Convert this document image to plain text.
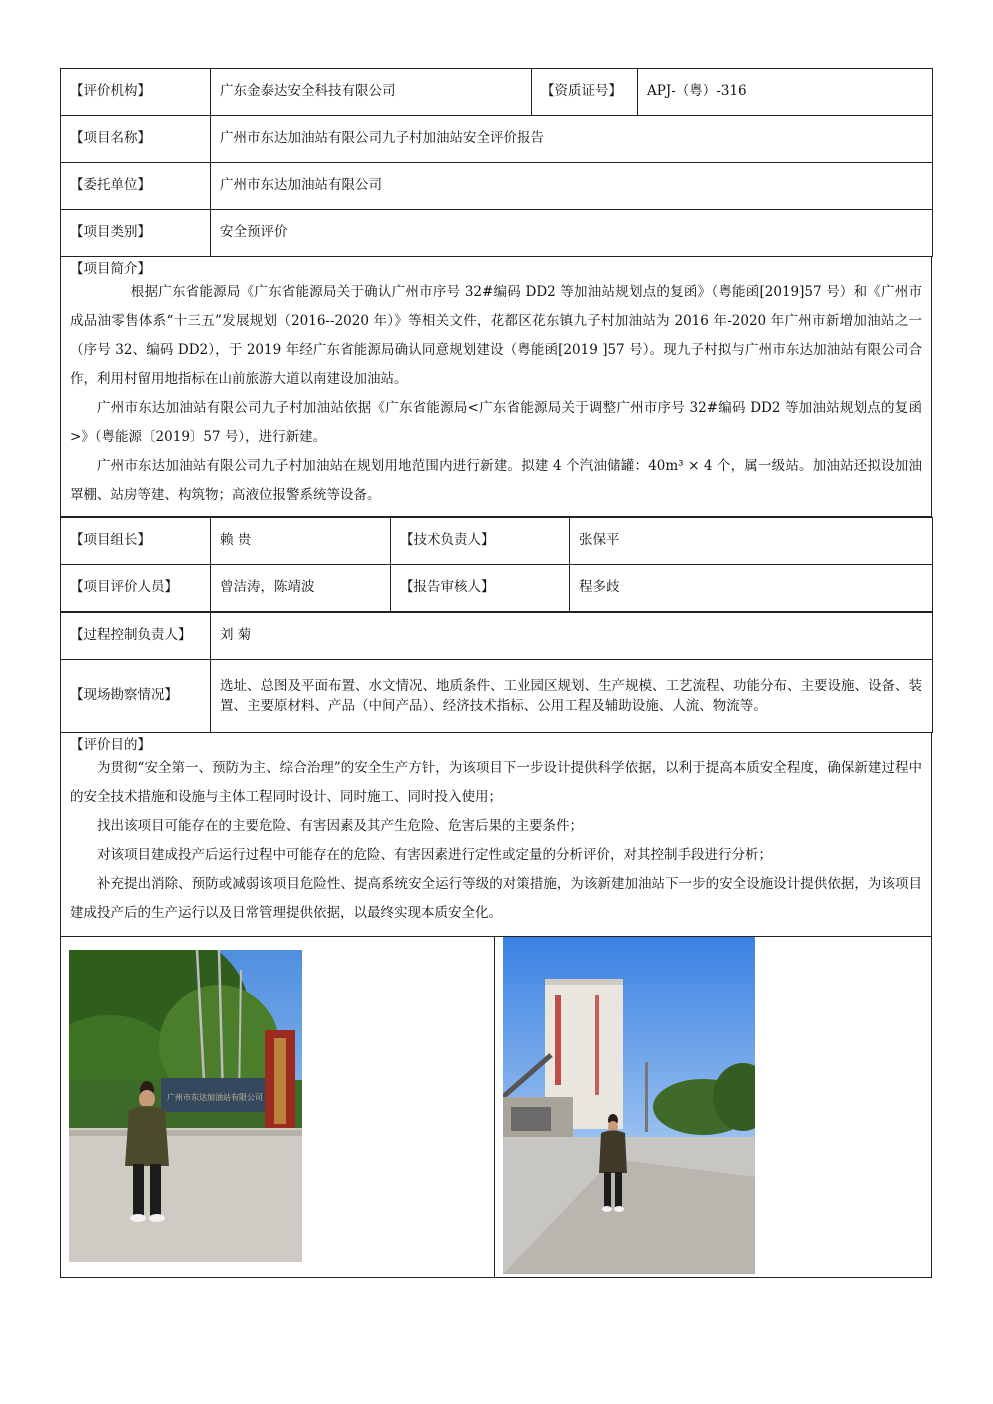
【评价机构】	广东金泰达安全科技有限公司	【资质证号】	APJ-（粤）-316
【项目名称】	广州市东达加油站有限公司九子村加油站安全评价报告		
【委托单位】	广州市东达加油站有限公司		
【项目类别】	安全预评价		
【项目简介】

根据广东省能源局《广东省能源局关于确认广州市序号 32#编码 DD2 等加油站规划点的复函》（粤能函[2019]57 号）和《广州市成品油零售体系“十三五”发展规划（2016--2020 年）》等相关文件，花都区花东镇九子村加油站为 2016 年-2020 年广州市新增加油站之一（序号 32、编码 DD2），于 2019 年经广东省能源局确认同意规划建设（粤能函[2019 ]57 号）。现九子村拟与广州市东达加油站有限公司合作，利用村留用地指标在山前旅游大道以南建设加油站。

广州市东达加油站有限公司九子村加油站依据《广东省能源局<广东省能源局关于调整广州市序号 32#编码 DD2 等加油站规划点的复函>》（粤能源〔2019〕57 号），进行新建。

广州市东达加油站有限公司九子村加油站在规划用地范围内进行新建。拟建 4 个汽油储罐：40m³ × 4 个，属一级站。加油站还拟设加油罩棚、站房等建、构筑物；高液位报警系统等设备。

【项目组长】	赖 贵	【技术负责人】	张保平
【项目评价人员】	曾洁涛，陈靖波	【报告审核人】	程多歧
【过程控制负责人】	刘 菊
【现场勘察情况】	选址、总图及平面布置、水文情况、地质条件、工业园区规划、生产规模、工艺流程、功能分布、主要设施、设备、装置、主要原材料、产品（中间产品）、经济技术指标、公用工程及辅助设施、人流、物流等。
【评价目的】

为贯彻“安全第一、预防为主、综合治理”的安全生产方针，为该项目下一步设计提供科学依据，以利于提高本质安全程度，确保新建过程中的安全技术措施和设施与主体工程同时设计、同时施工、同时投入使用；

找出该项目可能存在的主要危险、有害因素及其产生危险、危害后果的主要条件；

对该项目建成投产后运行过程中可能存在的危险、有害因素进行定性或定量的分析评价，对其控制手段进行分析；

补充提出消除、预防或减弱该项目危险性、提高系统安全运行等级的对策措施，为该新建加油站下一步的安全设施设计提供依据，为该项目建成投产后的生产运行以及日常管理提供依据，以最终实现本质安全化。

广州市东达加油站有限公司
